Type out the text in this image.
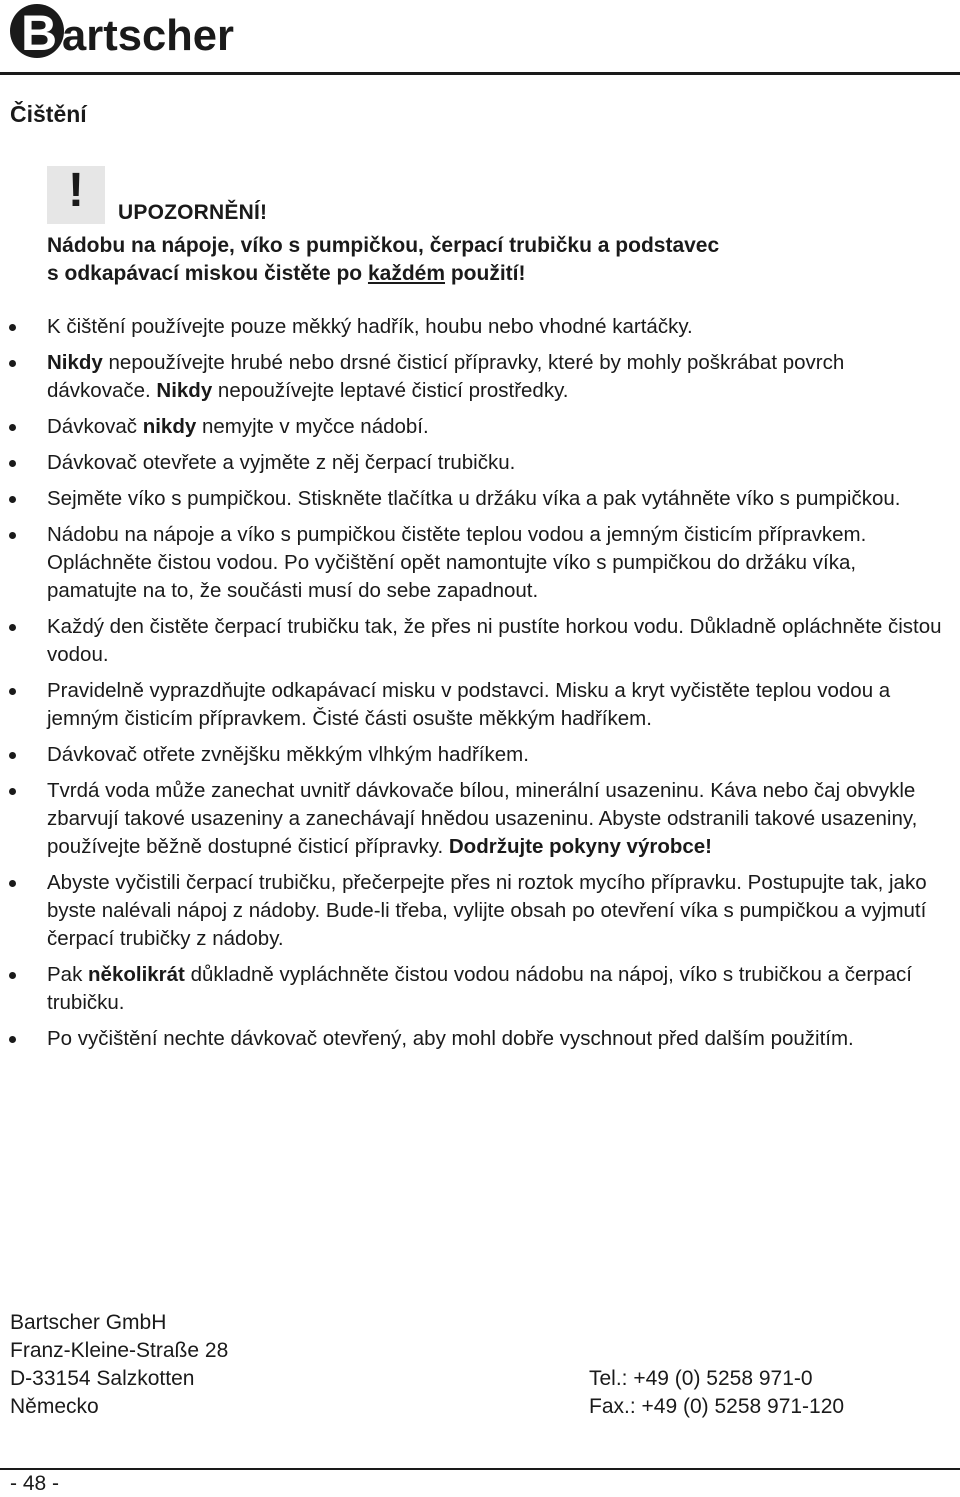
B artscher
Čištění
!	UPOZORNĚNÍ!
Nádobu na nápoje, víko s pumpičkou, čerpací trubičku a podstavec
s odkapávací miskou čistěte po každém použití!
K čištění používejte pouze měkký hadřík, houbu nebo vhodné kartáčky.
Nikdy nepoužívejte hrubé nebo drsné čisticí přípravky, které by mohly poškrábat povrch dávkovače. Nikdy nepoužívejte leptavé čisticí prostředky.
Dávkovač nikdy nemyjte v myčce nádobí.
Dávkovač otevřete a vyjměte z něj čerpací trubičku.
Sejměte víko s pumpičkou. Stiskněte tlačítka u držáku víka a pak vytáhněte víko s pumpičkou.
Nádobu na nápoje a víko s pumpičkou čistěte teplou vodou a jemným čisticím přípravkem. Opláchněte čistou vodou. Po vyčištění opět namontujte víko s pumpičkou do držáku víka, pamatujte na to, že součásti musí do sebe zapadnout.
Každý den čistěte čerpací trubičku tak, že přes ni pustíte horkou vodu. Důkladně opláchněte čistou vodou.
Pravidelně vyprazdňujte odkapávací misku v podstavci. Misku a kryt vyčistěte teplou vodou a jemným čisticím přípravkem. Čisté části osušte měkkým hadříkem.
Dávkovač otřete zvnějšku měkkým vlhkým hadříkem.
Tvrdá voda může zanechat uvnitř dávkovače bílou, minerální usazeninu. Káva nebo čaj obvykle zbarvují takové usazeniny a zanechávají hnědou usazeninu. Abyste odstranili takové usazeniny, používejte běžně dostupné čisticí přípravky. Dodržujte pokyny výrobce!
Abyste vyčistili čerpací trubičku, přečerpejte přes ni roztok mycího přípravku. Postupujte tak, jako byste nalévali nápoj z nádoby. Bude-li třeba, vylijte obsah po otevření víka s pumpičkou a vyjmutí čerpací trubičky z nádoby.
Pak několikrát důkladně vypláchněte čistou vodou nádobu na nápoj, víko s trubičkou a čerpací trubičku.
Po vyčištění nechte dávkovač otevřený, aby mohl dobře vyschnout před dalším použitím.
Bartscher GmbH
Franz-Kleine-Straße 28
D-33154 Salzkotten
Německo
Tel.: +49 (0) 5258 971-0
Fax.: +49 (0) 5258 971-120
- 48 -
